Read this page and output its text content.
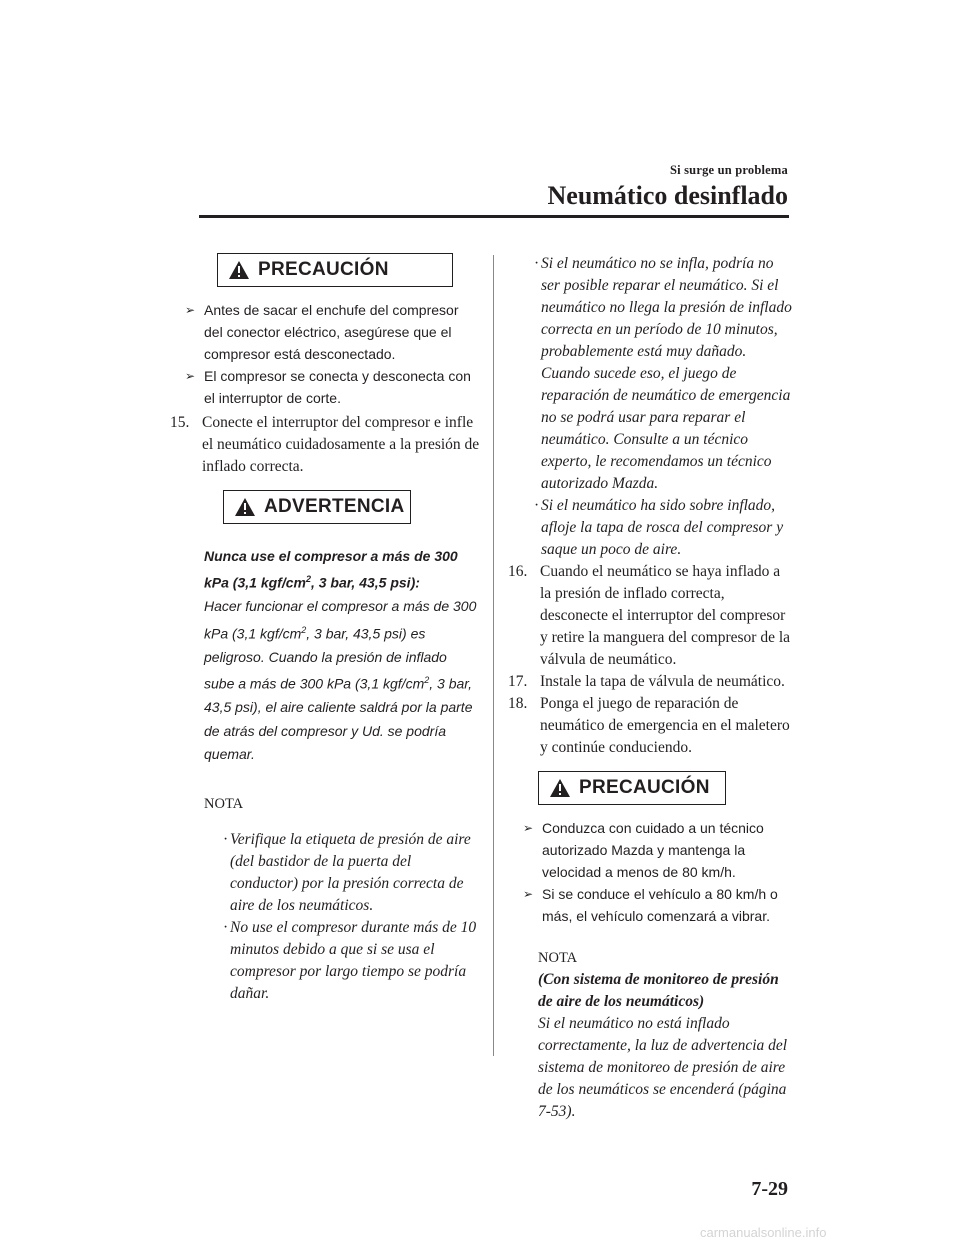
Si surge un problema
Neumático desinflado
PRECAUCIÓN
➢ Antes de sacar el enchufe del compresor del conector eléctrico, asegúrese que el compresor está desconectado.
➢ El compresor se conecta y desconecta con el interruptor de corte.
15. Conecte el interruptor del compresor e infle el neumático cuidadosamente a la presión de inflado correcta.
ADVERTENCIA
Nunca use el compresor a más de 300 kPa (3,1 kgf/$cm^2$, 3 bar, 43,5 psi):
Hacer funcionar el compresor a más de 300 kPa (3,1 kgf/$cm^2$, 3 bar, 43,5 psi) es peligroso. Cuando la presión de inflado sube a más de 300 kPa (3,1 kgf/$cm^2$, 3 bar, 43,5 psi), el aire caliente saldrá por la parte de atrás del compresor y Ud. se podría quemar.
NOTA
· Verifique la etiqueta de presión de aire (del bastidor de la puerta del conductor) por la presión correcta de aire de los neumáticos.
· No use el compresor durante más de 10 minutos debido a que si se usa el compresor por largo tiempo se podría dañar.
· Si el neumático no se infla, podría no ser posible reparar el neumático. Si el neumático no llega la presión de inflado correcta en un período de 10 minutos, probablemente está muy dañado. Cuando sucede eso, el juego de reparación de neumático de emergencia no se podrá usar para reparar el neumático. Consulte a un técnico experto, le recomendamos un técnico autorizado Mazda.
· Si el neumático ha sido sobre inflado, afloje la tapa de rosca del compresor y saque un poco de aire.
16. Cuando el neumático se haya inflado a la presión de inflado correcta, desconecte el interruptor del compresor y retire la manguera del compresor de la válvula de neumático.
17. Instale la tapa de válvula de neumático.
18. Ponga el juego de reparación de neumático de emergencia en el maletero y continúe conduciendo.
PRECAUCIÓN
➢ Conduzca con cuidado a un técnico autorizado Mazda y mantenga la velocidad a menos de 80 km/h.
➢ Si se conduce el vehículo a 80 km/h o más, el vehículo comenzará a vibrar.
NOTA
(Con sistema de monitoreo de presión de aire de los neumáticos)
Si el neumático no está inflado correctamente, la luz de advertencia del sistema de monitoreo de presión de aire de los neumáticos se encenderá (página 7-53).
7-29
carmanualsonline.info
